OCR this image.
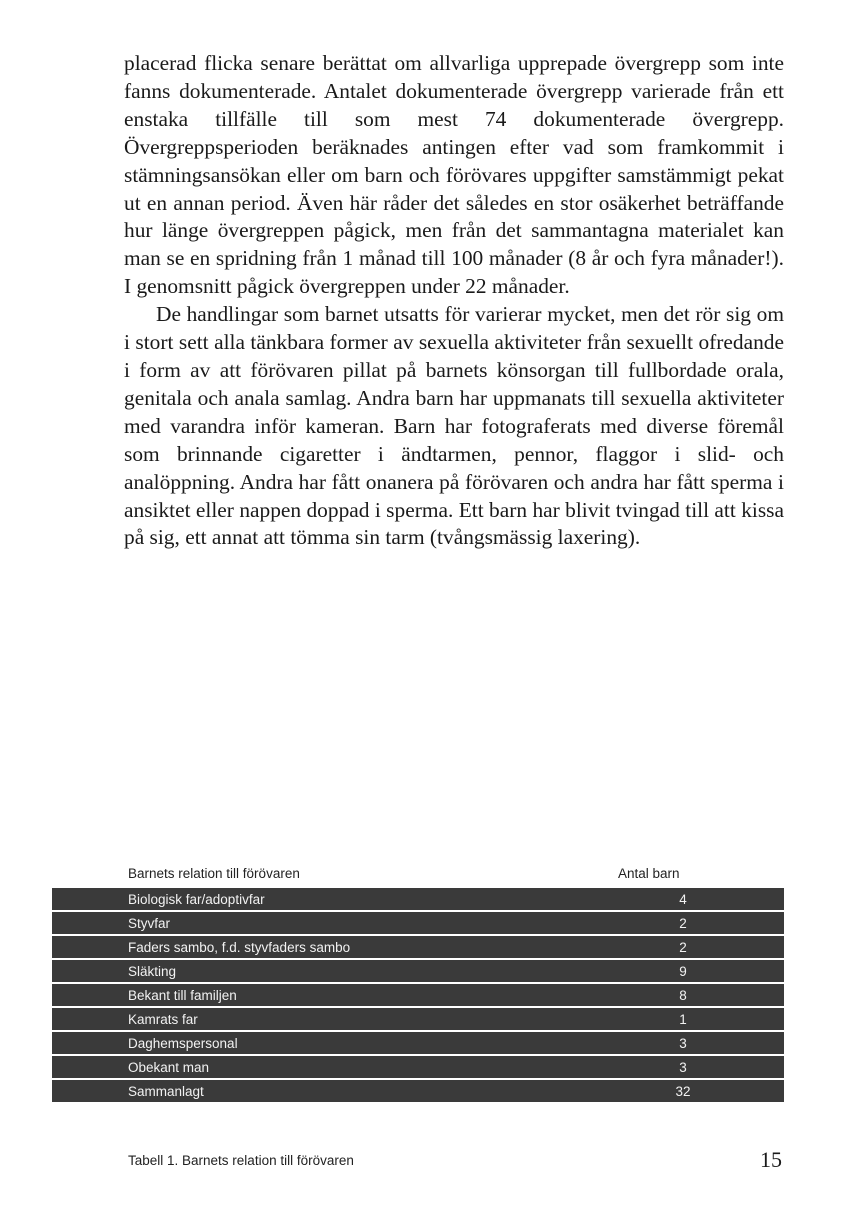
placerad flicka senare berättat om allvarliga upprepade övergrepp som inte fanns dokumenterade. Antalet dokumenterade övergrepp varierade från ett enstaka tillfälle till som mest 74 dokumenterade övergrepp. Övergreppsperioden beräknades antingen efter vad som framkommit i stämningsansökan eller om barn och förövares uppgifter samstämmigt pekat ut en annan period. Även här råder det således en stor osäkerhet beträffande hur länge övergreppen pågick, men från det sammantagna materialet kan man se en spridning från 1 månad till 100 månader (8 år och fyra månader!). I genomsnitt pågick övergreppen under 22 månader.

De handlingar som barnet utsatts för varierar mycket, men det rör sig om i stort sett alla tänkbara former av sexuella aktiviteter från sexuellt ofredande i form av att förövaren pillat på barnets könsorgan till fullbordade orala, genitala och anala samlag. Andra barn har uppmanats till sexuella aktiviteter med varandra inför kameran. Barn har fotograferats med diverse föremål som brinnande cigaretter i ändtarmen, pennor, flaggor i slid- och analöppning. Andra har fått onanera på förövaren och andra har fått sperma i ansiktet eller nappen doppad i sperma. Ett barn har blivit tvingad till att kissa på sig, ett annat att tömma sin tarm (tvångsmässig laxering).

Barnets relation till förövaren	Antal barn
Biologisk far/adoptivfar	4
Styvfar	2
Faders sambo, f.d. styvfaders sambo	2
Släkting	9
Bekant till familjen	8
Kamrats far	1
Daghemspersonal	3
Obekant man	3
Sammanlagt	32
Tabell 1. Barnets relation till förövaren	15
